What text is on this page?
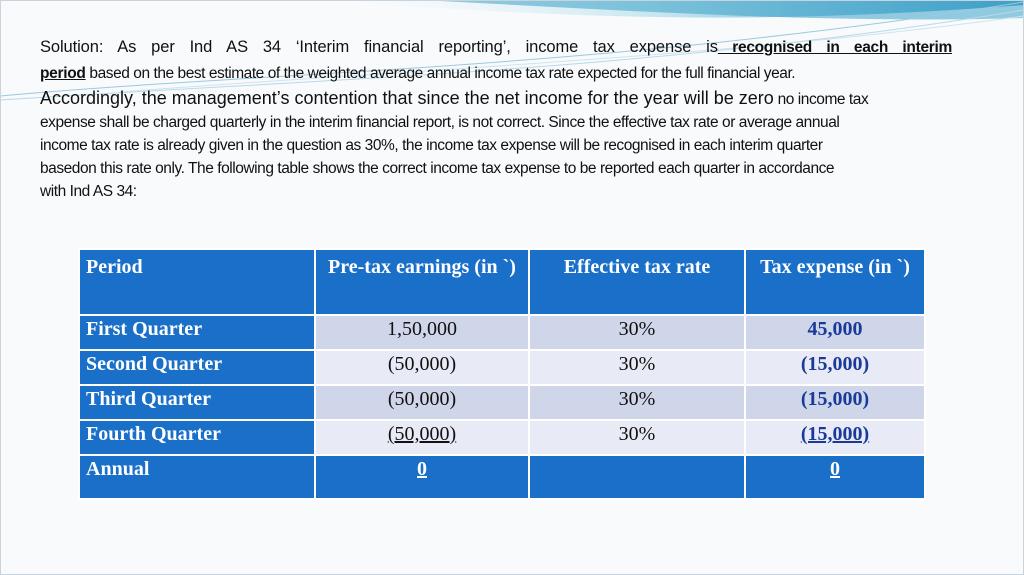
Solution: As per Ind AS 34 ‘Interim financial reporting’, income tax expense is recognised in each interim

period based on the best estimate of the weighted average annual income tax rate expected for the full financial year.

Accordingly, the management’s contention that since the net income for the year will be zero no income tax

expense shall be charged quarterly in the interim financial report, is not correct. Since the effective tax rate or average annual

income tax rate is already given in the question as 30%, the income tax expense will be recognised in each interim quarter

basedon this rate only. The following table shows the correct income tax expense to be reported each quarter in accordance

with Ind AS 34:

Period	Pre-tax earnings (in `)	Effective tax rate	Tax expense (in `)
First Quarter	1,50,000	30%	45,000
Second Quarter	(50,000)	30%	(15,000)
Third Quarter	(50,000)	30%	(15,000)
Fourth Quarter	(50,000)	30%	(15,000)
Annual	0		0
